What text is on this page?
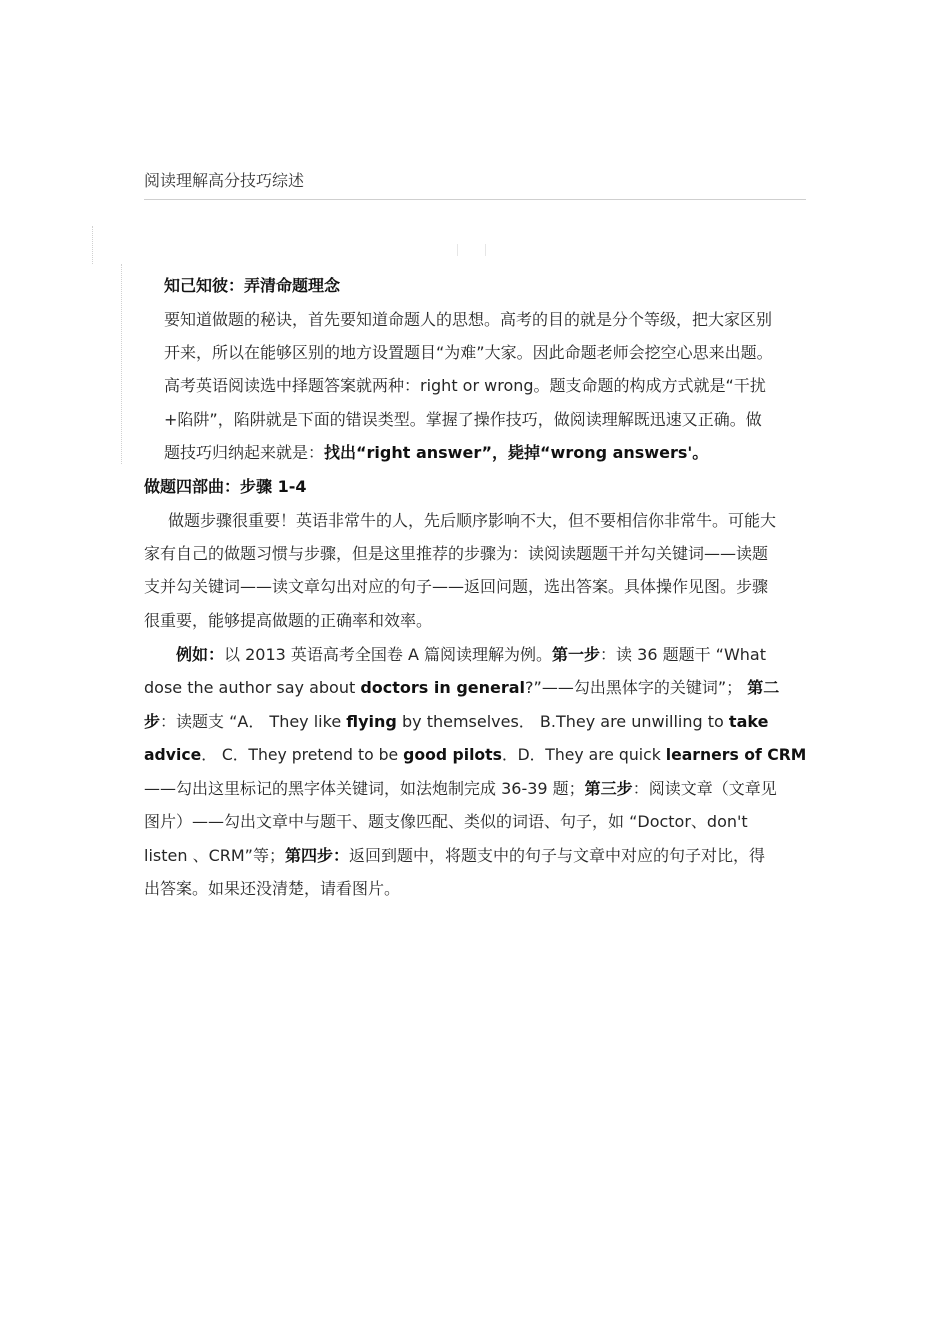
阅读理解高分技巧综述
知己知彼：弄清命题理念
要知道做题的秘诀，首先要知道命题人的思想。高考的目的就是分个等级，把大家区别
开来，所以在能够区别的地方设置题目“为难”大家。因此命题老师会挖空心思来出题。
高考英语阅读选中择题答案就两种：right or wrong。题支命题的构成方式就是“干扰
+陷阱”，陷阱就是下面的错误类型。掌握了操作技巧，做阅读理解既迅速又正确。做
题技巧归纳起来就是：找出“right answer”，毙掉“wrong answers'。
做题四部曲：步骤 1-4
做题步骤很重要！英语非常牛的人，先后顺序影响不大，但不要相信你非常牛。可能大
家有自己的做题习惯与步骤，但是这里推荐的步骤为：读阅读题题干并勾关键词——读题
支并勾关键词——读文章勾出对应的句子——返回问题，选出答案。具体操作见图。步骤
很重要，能够提高做题的正确率和效率。
例如：以 2013 英语高考全国卷 A 篇阅读理解为例。第一步：读 36 题题干 “What
dose the author say about doctors in general?”——勾出黑体字的关键词”； 第二
步：读题支 “A． They like flying by themselves． B.They are unwilling to take
advice． C．They pretend to be good pilots．D．They are quick learners of CRM
——勾出这里标记的黑字体关键词，如法炮制完成 36-39 题；第三步：阅读文章（文章见
图片）——勾出文章中与题干、题支像匹配、类似的词语、句子，如 “Doctor、don't
listen 、CRM”等；第四步：返回到题中，将题支中的句子与文章中对应的句子对比，得
出答案。如果还没清楚，请看图片。
